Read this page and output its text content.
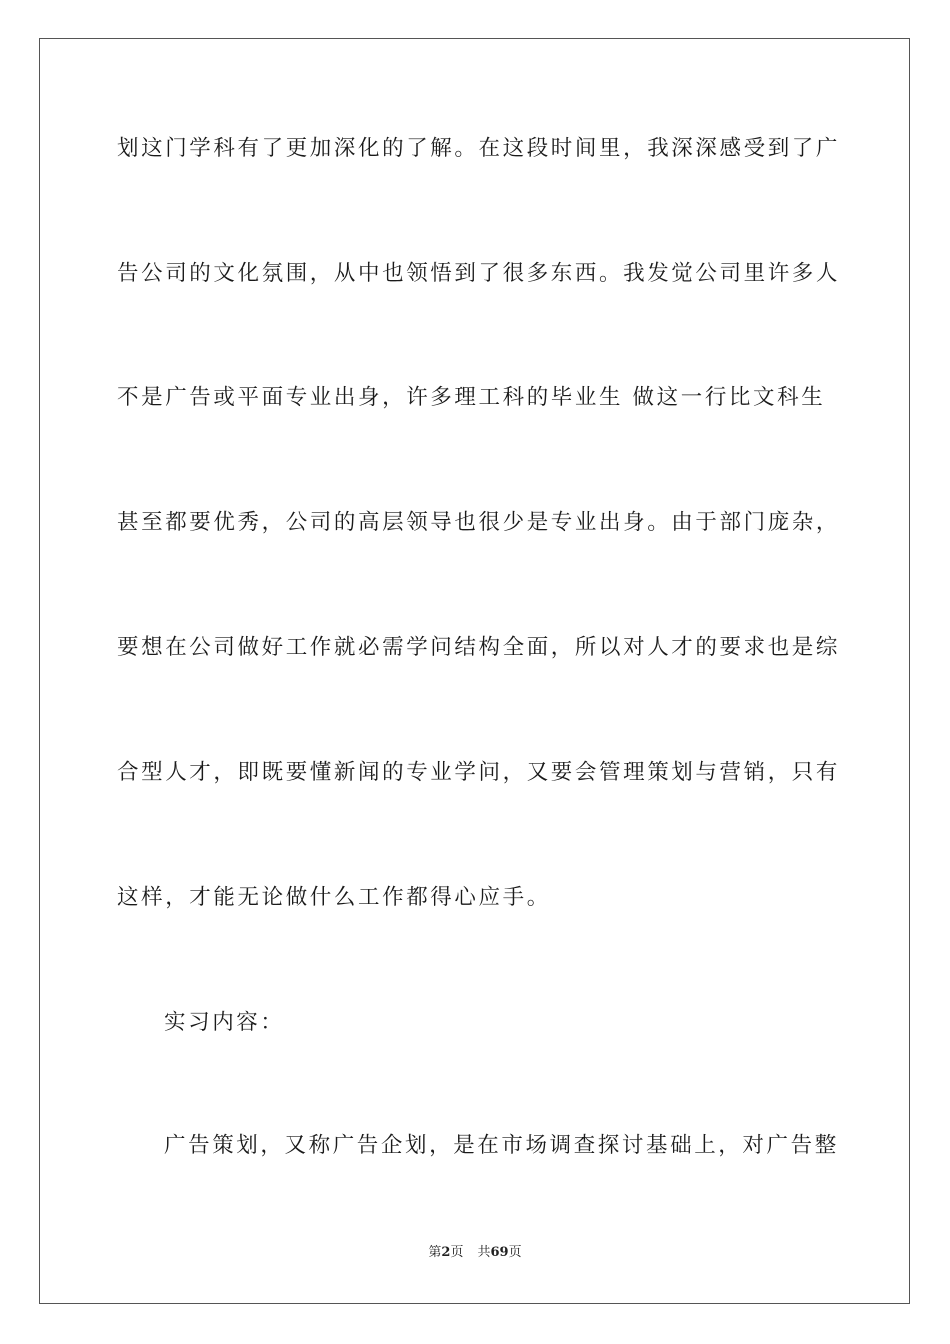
划这门学科有了更加深化的了解。在这段时间里，我深深感受到了广
告公司的文化氛围，从中也领悟到了很多东西。我发觉公司里许多人
不是广告或平面专业出身，许多理工科的毕业生 做这一行比文科生
甚至都要优秀，公司的高层领导也很少是专业出身。由于部门庞杂，
要想在公司做好工作就必需学问结构全面，所以对人才的要求也是综
合型人才，即既要懂新闻的专业学问，又要会管理策划与营销，只有
这样，才能无论做什么工作都得心应手。
实习内容：
广告策划，又称广告企划，是在市场调查探讨基础上，对广告整
第2页 共69页
